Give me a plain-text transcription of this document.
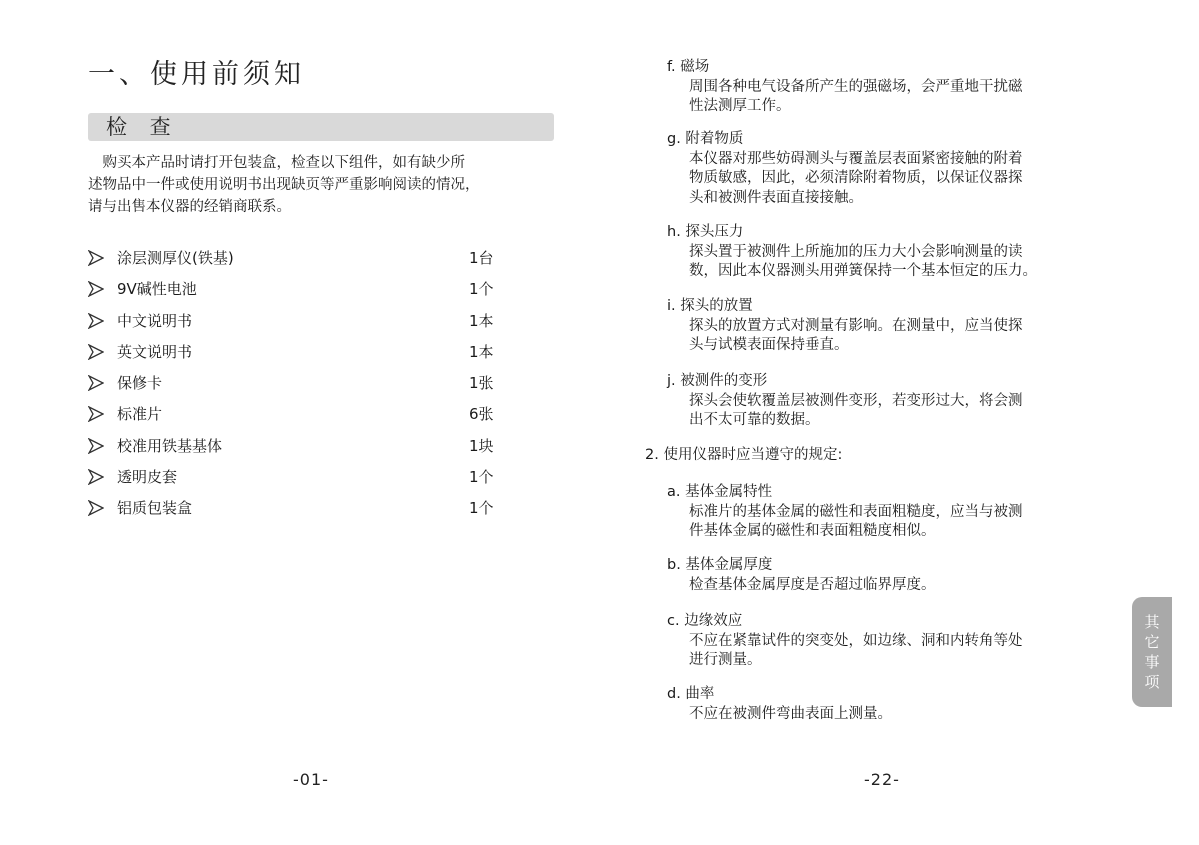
一、使用前须知
检 查

　购买本产品时请打开包装盒，检查以下组件，如有缺少所
述物品中一件或使用说明书出现缺页等严重影响阅读的情况，
请与出售本仪器的经销商联系。

涂层测厚仪(铁基)	1台
9V碱性电池	1个
中文说明书	1本
英文说明书	1本
保修卡	1张
标准片	6张
校准用铁基基体	1块
透明皮套	1个
铝质包装盒	1个
-01-
f. 磁场
周围各种电气设备所产生的强磁场，会严重地干扰磁
性法测厚工作。
g. 附着物质
本仪器对那些妨碍测头与覆盖层表面紧密接触的附着
物质敏感，因此，必须清除附着物质，以保证仪器探
头和被测件表面直接接触。
h. 探头压力
探头置于被测件上所施加的压力大小会影响测量的读
数，因此本仪器测头用弹簧保持一个基本恒定的压力。
i. 探头的放置
探头的放置方式对测量有影响。在测量中，应当使探
头与试模表面保持垂直。
j. 被测件的变形
探头会使软覆盖层被测件变形，若变形过大，将会测
出不太可靠的数据。
2. 使用仪器时应当遵守的规定:
a. 基体金属特性
标准片的基体金属的磁性和表面粗糙度，应当与被测
件基体金属的磁性和表面粗糙度相似。
b. 基体金属厚度
检查基体金属厚度是否超过临界厚度。
c. 边缘效应
不应在紧靠试件的突变处，如边缘、洞和内转角等处
进行测量。
d. 曲率
不应在被测件弯曲表面上测量。
其
它
事
项
-22-
